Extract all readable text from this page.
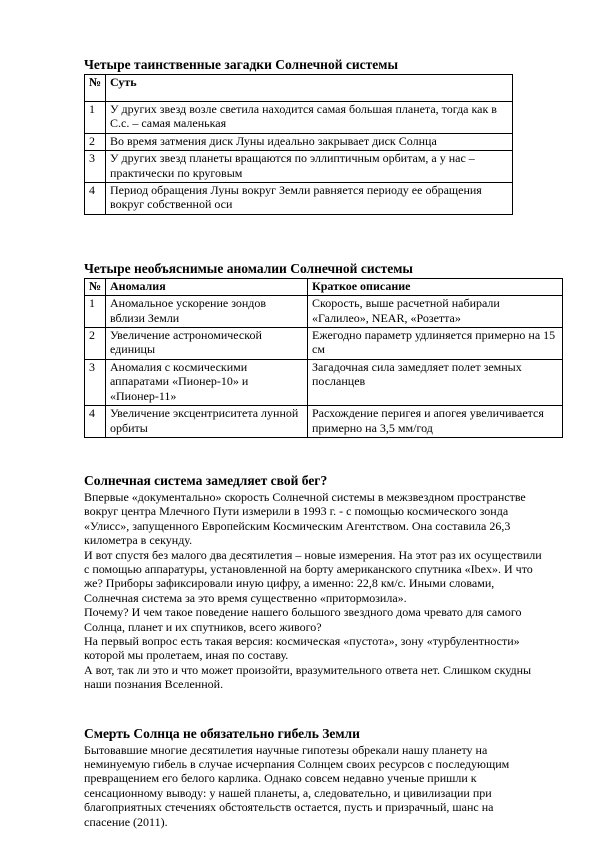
Четыре таинственные загадки Солнечной системы
№	Суть

1	У других звезд возле светила находится самая большая планета, тогда как в С.с. – самая маленькая
2	Во время затмения диск Луны идеально закрывает диск Солнца
3	У других звезд планеты вращаются по эллиптичным орбитам, а у нас – практически по круговым
4	Период обращения Луны вокруг Земли равняется периоду ее обращения вокруг собственной оси
Четыре необъяснимые аномалии Солнечной системы
№	Аномалия	Краткое описание
1	Аномальное ускорение зондов вблизи Земли	Скорость, выше расчетной набирали «Галилео», NEAR, «Розетта»
2	Увеличение астрономической единицы	Ежегодно параметр удлиняется примерно на 15 см
3	Аномалия с космическими аппаратами «Пионер-10» и «Пионер-11»	Загадочная сила замедляет полет земных посланцев
4	Увеличение эксцентриситета лунной орбиты	Расхождение перигея и апогея увеличивается примерно на 3,5 мм/год
Солнечная система замедляет свой бег?

Впервые «документально» скорость Солнечной системы в межзвездном пространстве вокруг центра Млечного Пути измерили в 1993 г. - с помощью космического зонда «Улисс», запущенного Европейским Космическим Агентством. Она составила 26,3 километра в секунду.

И вот спустя без малого два десятилетия – новые измерения. На этот раз их осуществили с помощью аппаратуры, установленной на борту американского спутника «Ibex». И что же? Приборы зафиксировали иную цифру, а именно: 22,8 км/с. Иными словами, Солнечная система за это время существенно «притормозила».

Почему? И чем такое поведение нашего большого звездного дома чревато для самого Солнца, планет и их спутников, всего живого?

На первый вопрос есть такая версия: космическая «пустота», зону «турбулентности» которой мы пролетаем, иная по составу.

А вот, так ли это и что может произойти, вразумительного ответа нет. Слишком скудны наши познания Вселенной.

Смерть Солнца не обязательно гибель Земли

Бытовавшие многие десятилетия научные гипотезы обрекали нашу планету на неминуемую гибель в случае исчерпания Солнцем своих ресурсов с последующим превращением его белого карлика. Однако совсем недавно ученые пришли к сенсационному выводу: у нашей планеты, а, следовательно, и цивилизации при благоприятных стечениях обстоятельств остается, пусть и призрачный, шанс на спасение (2011).
